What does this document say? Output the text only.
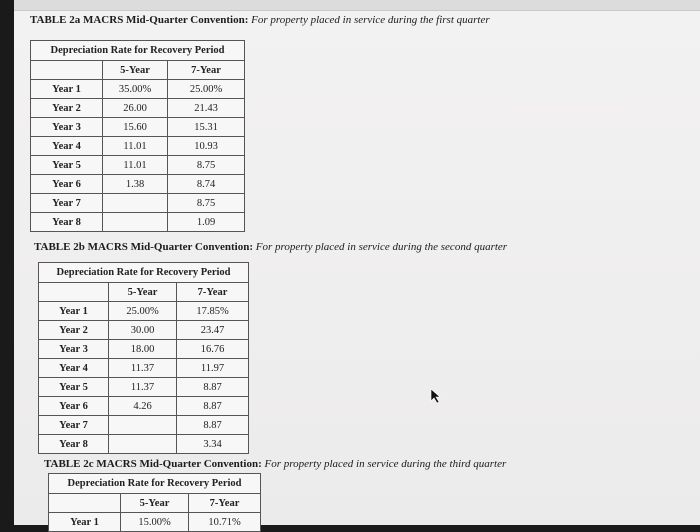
TABLE 2a MACRS Mid-Quarter Convention: For property placed in service during the first quarter
Depreciation Rate for Recovery Period		
	5-Year	7-Year
Year 1	35.00%	25.00%
Year 2	26.00	21.43
Year 3	15.60	15.31
Year 4	11.01	10.93
Year 5	11.01	8.75
Year 6	1.38	8.74
Year 7		8.75
Year 8		1.09
TABLE 2b MACRS Mid-Quarter Convention: For property placed in service during the second quarter
Depreciation Rate for Recovery Period		
	5-Year	7-Year
Year 1	25.00%	17.85%
Year 2	30.00	23.47
Year 3	18.00	16.76
Year 4	11.37	11.97
Year 5	11.37	8.87
Year 6	4.26	8.87
Year 7		8.87
Year 8		3.34
TABLE 2c MACRS Mid-Quarter Convention: For property placed in service during the third quarter
Depreciation Rate for Recovery Period		
	5-Year	7-Year
Year 1	15.00%	10.71%
